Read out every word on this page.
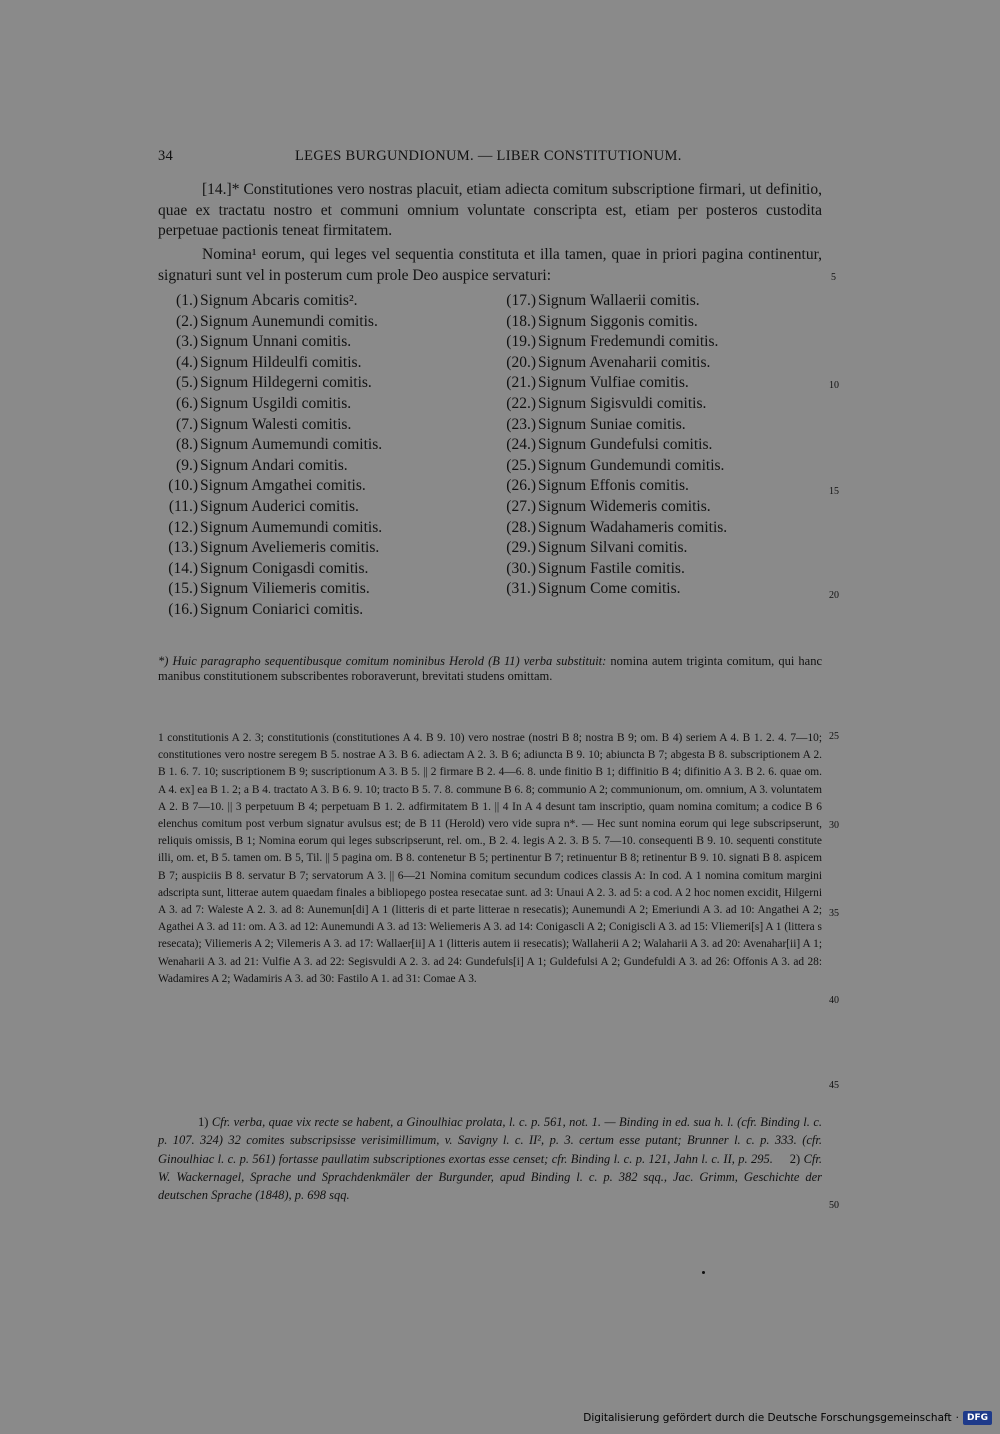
34	LEGES BURGUNDIONUM. — LIBER CONSTITUTIONUM.
[14.]* Constitutiones vero nostras placuit, etiam adiecta comitum subscriptione firmari, ut definitio, quae ex tractatu nostro et communi omnium voluntate conscripta est, etiam per posteros custodita perpetuae pactionis teneat firmitatem.
Nomina¹ eorum, qui leges vel sequentia constituta et illa tamen, quae in priori pagina continentur, signaturi sunt vel in posterum cum prole Deo auspice servaturi:	5
10
15
20
25
30
35
40
45
50
(1.) Signum Abcaris comitis².
(2.) Signum Aunemundi comitis.
(3.) Signum Unnani comitis.
(4.) Signum Hildeulfi comitis.
(5.) Signum Hildegerni comitis.
(6.) Signum Usgildi comitis.
(7.) Signum Walesti comitis.
(8.) Signum Aumemundi comitis.
(9.) Signum Andari comitis.
(10.) Signum Amgathei comitis.
(11.) Signum Auderici comitis.
(12.) Signum Aumemundi comitis.
(13.) Signum Aveliemeris comitis.
(14.) Signum Conigasdi comitis.
(15.) Signum Viliemeris comitis.
(16.) Signum Coniarici comitis.
(17.) Signum Wallaerii comitis.
(18.) Signum Siggonis comitis.
(19.) Signum Fredemundi comitis.
(20.) Signum Avenaharii comitis.
(21.) Signum Vulfiae comitis.
(22.) Signum Sigisvuldi comitis.
(23.) Signum Suniae comitis.
(24.) Signum Gundefulsi comitis.
(25.) Signum Gundemundi comitis.
(26.) Signum Effonis comitis.
(27.) Signum Widemeris comitis.
(28.) Signum Wadahameris comitis.
(29.) Signum Silvani comitis.
(30.) Signum Fastile comitis.
(31.) Signum Come comitis.
*) Huic paragrapho sequentibusque comitum nominibus Herold (B 11) verba substituit: nomina autem triginta comitum, qui hanc manibus constitutionem subscribentes roboraverunt, brevitati studens omittam.
1 constitutionis A 2. 3; constitutionis (constitutiones A 4. B 9. 10) vero nostrae (nostri B 8; nostra B 9; om. B 4) seriem A 4. B 1. 2. 4. 7—10; constitutiones vero nostre seregem B 5. nostrae A 3. B 6. adiectam A 2. 3. B 6; adiuncta B 9. 10; abiuncta B 7; abgesta B 8. subscriptionem A 2. B 1. 6. 7. 10; suscriptionem B 9; suscriptionum A 3. B 5. || 2 firmare B 2. 4—6. 8. unde finitio B 1; diffinitio B 4; difinitio A 3. B 2. 6. quae om. A 4. ex] ea B 1. 2; a B 4. tractato A 3. B 6. 9. 10; tracto B 5. 7. 8. commune B 6. 8; communio A 2; communionum, om. omnium, A 3. voluntatem A 2. B 7—10. || 3 perpetuum B 4; perpetuam B 1. 2. adfirmitatem B 1. || 4 In A 4 desunt tam inscriptio, quam nomina comitum; a codice B 6 elenchus comitum post verbum signatur avulsus est; de B 11 (Herold) vero vide supra n*. — Hec sunt nomina eorum qui lege subscripserunt, reliquis omissis, B 1; Nomina eorum qui leges subscripserunt, rel. om., B 2. 4. legis A 2. 3. B 5. 7—10. consequenti B 9. 10. sequenti constitute illi, om. et, B 5. tamen om. B 5, Til. || 5 pagina om. B 8. contenetur B 5; pertinentur B 7; retinuentur B 8; retinentur B 9. 10. signati B 8. aspicem B 7; auspiciis B 8. servatur B 7; servatorum A 3. || 6—21 Nomina comitum secundum codices classis A: In cod. A 1 nomina comitum margini adscripta sunt, litterae autem quaedam finales a bibliopego postea resecatae sunt. ad 3: Unaui A 2. 3. ad 5: a cod. A 2 hoc nomen excidit, Hilgerni A 3. ad 7: Waleste A 2. 3. ad 8: Aunemun[di] A 1 (litteris di et parte litterae n resecatis); Aunemundi A 2; Emeriundi A 3. ad 10: Angathei A 2; Agathei A 3. ad 11: om. A 3. ad 12: Aunemundi A 3. ad 13: Weliemeris A 3. ad 14: Conigascli A 2; Conigiscli A 3. ad 15: Vliemeri[s] A 1 (littera s resecata); Viliemeris A 2; Vilemeris A 3. ad 17: Wallaer[ii] A 1 (litteris autem ii resecatis); Wallaherii A 2; Walaharii A 3. ad 20: Avenahar[ii] A 1; Wenaharii A 3. ad 21: Vulfie A 3. ad 22: Segisvuldi A 2. 3. ad 24: Gundefuls[i] A 1; Guldefulsi A 2; Gundefuldi A 3. ad 26: Offonis A 3. ad 28: Wadamires A 2; Wadamiris A 3. ad 30: Fastilo A 1. ad 31: Comae A 3.
1) Cfr. verba, quae vix recte se habent, a Ginoulhiac prolata, l. c. p. 561, not. 1. — Binding in ed. sua h. l. (cfr. Binding l. c. p. 107. 324) 32 comites subscripsisse verisimillimum, v. Savigny l. c. II², p. 3. certum esse putant; Brunner l. c. p. 333. (cfr. Ginoulhiac l. c. p. 561) fortasse paullatim subscriptiones exortas esse censet; cfr. Binding l. c. p. 121, Jahn l. c. II, p. 295. 2) Cfr. W. Wackernagel, Sprache und Sprachdenkmäler der Burgunder, apud Binding l. c. p. 382 sqq., Jac. Grimm, Geschichte der deutschen Sprache (1848), p. 698 sqq.
Digitalisierung gefördert durch die Deutsche Forschungsgemeinschaft · DFG
